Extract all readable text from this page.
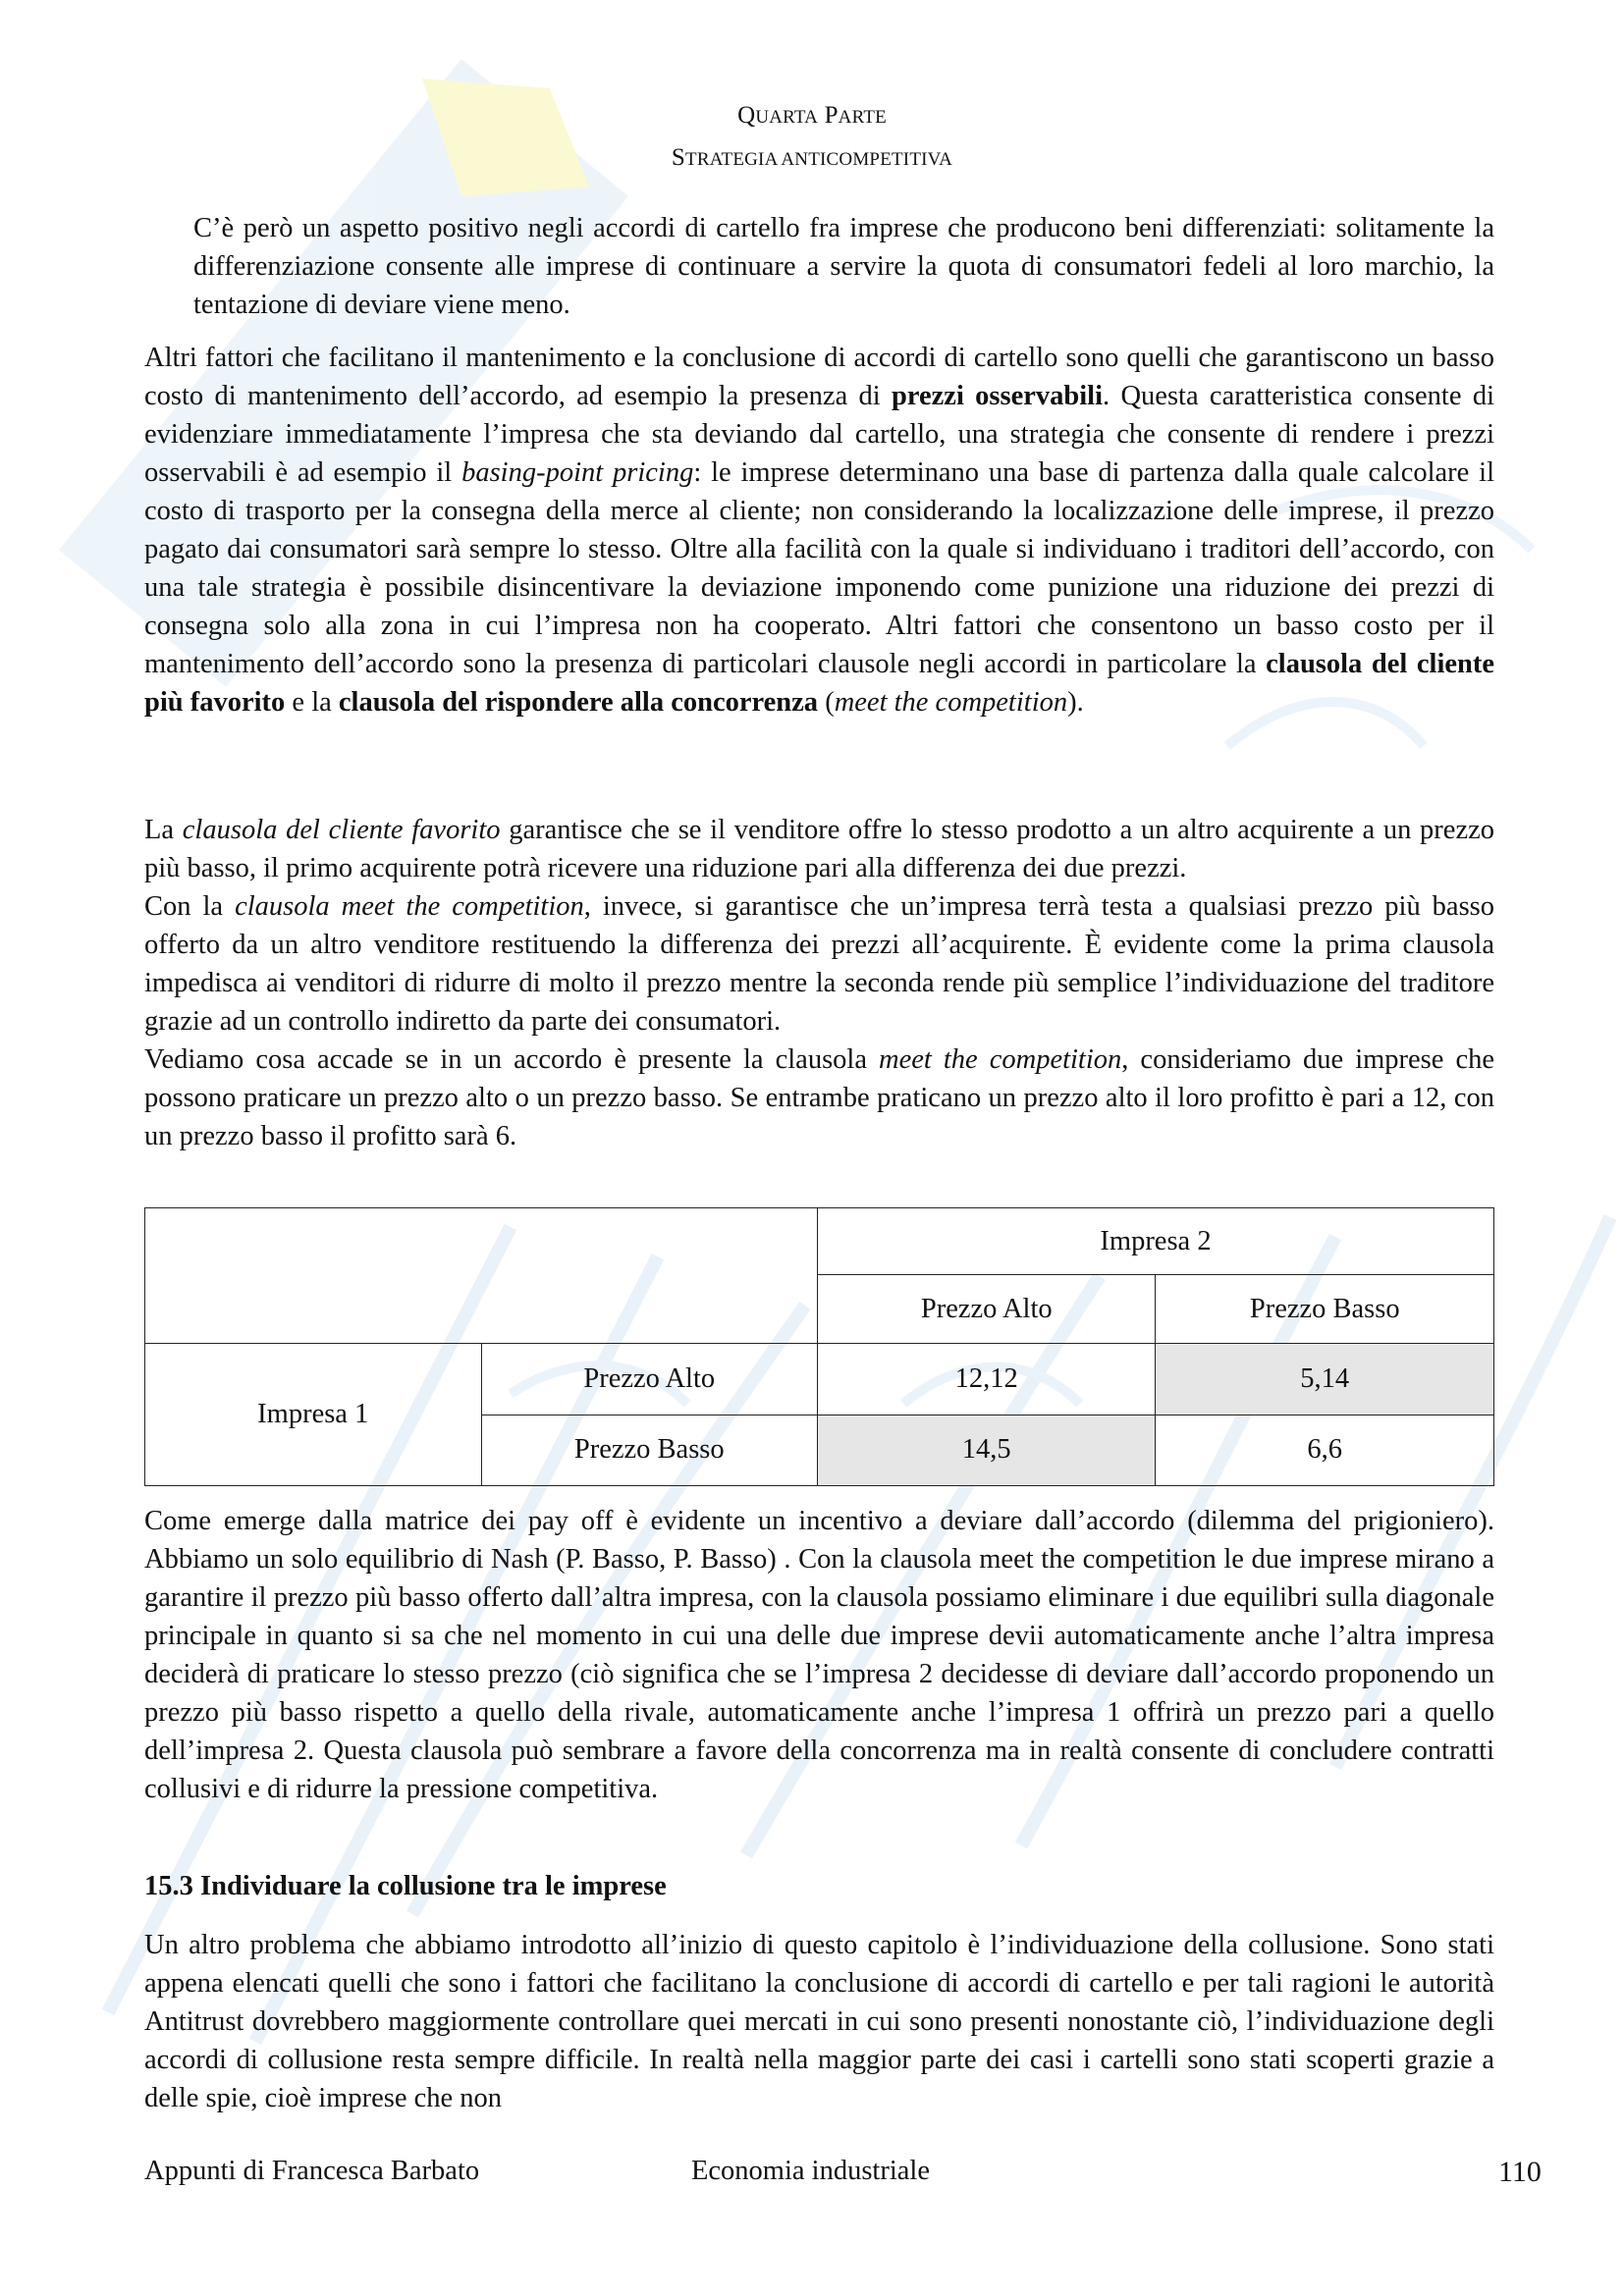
QUARTA PARTE
STRATEGIA ANTICOMPETITIVA

C’è però un aspetto positivo negli accordi di cartello fra imprese che producono beni differenziati: solitamente la differenziazione consente alle imprese di continuare a servire la quota di consumatori fedeli al loro marchio, la tentazione di deviare viene meno.

Altri fattori che facilitano il mantenimento e la conclusione di accordi di cartello sono quelli che garantiscono un basso costo di mantenimento dell’accordo, ad esempio la presenza di prezzi osservabili. Questa caratteristica consente di evidenziare immediatamente l’impresa che sta deviando dal cartello, una strategia che consente di rendere i prezzi osservabili è ad esempio il basing-point pricing: le imprese determinano una base di partenza dalla quale calcolare il costo di trasporto per la consegna della merce al cliente; non considerando la localizzazione delle imprese, il prezzo pagato dai consumatori sarà sempre lo stesso. Oltre alla facilità con la quale si individuano i traditori dell’accordo, con una tale strategia è possibile disincentivare la deviazione imponendo come punizione una riduzione dei prezzi di consegna solo alla zona in cui l’impresa non ha cooperato. Altri fattori che consentono un basso costo per il mantenimento dell’accordo sono la presenza di particolari clausole negli accordi in particolare la clausola del cliente più favorito e la clausola del rispondere alla concorrenza (meet the competition).

La clausola del cliente favorito garantisce che se il venditore offre lo stesso prodotto a un altro acquirente a un prezzo più basso, il primo acquirente potrà ricevere una riduzione pari alla differenza dei due prezzi.

Con la clausola meet the competition, invece, si garantisce che un’impresa terrà testa a qualsiasi prezzo più basso offerto da un altro venditore restituendo la differenza dei prezzi all’acquirente. È evidente come la prima clausola impedisca ai venditori di ridurre di molto il prezzo mentre la seconda rende più semplice l’individuazione del traditore grazie ad un controllo indiretto da parte dei consumatori.

Vediamo cosa accade se in un accordo è presente la clausola meet the competition, consideriamo due imprese che possono praticare un prezzo alto o un prezzo basso. Se entrambe praticano un prezzo alto il loro profitto è pari a 12, con un prezzo basso il profitto sarà 6.

		Impresa 2	
		Prezzo Alto	Prezzo Basso
Impresa 1	Prezzo Alto	12,12	5,14
	Prezzo Basso	14,5	6,6

Come emerge dalla matrice dei pay off è evidente un incentivo a deviare dall’accordo (dilemma del prigioniero). Abbiamo un solo equilibrio di Nash (P. Basso, P. Basso) . Con la clausola meet the competition le due imprese mirano a garantire il prezzo più basso offerto dall’altra impresa, con la clausola possiamo eliminare i due equilibri sulla diagonale principale in quanto si sa che nel momento in cui una delle due imprese devii automaticamente anche l’altra impresa deciderà di praticare lo stesso prezzo (ciò significa che se l’impresa 2 decidesse di deviare dall’accordo proponendo un prezzo più basso rispetto a quello della rivale, automaticamente anche l’impresa 1 offrirà un prezzo pari a quello dell’impresa 2. Questa clausola può sembrare a favore della concorrenza ma in realtà consente di concludere contratti collusivi e di ridurre la pressione competitiva.

15.3 Individuare la collusione tra le imprese

Un altro problema che abbiamo introdotto all’inizio di questo capitolo è l’individuazione della collusione. Sono stati appena elencati quelli che sono i fattori che facilitano la conclusione di accordi di cartello e per tali ragioni le autorità Antitrust dovrebbero maggiormente controllare quei mercati in cui sono presenti nonostante ciò, l’individuazione degli accordi di collusione resta sempre difficile. In realtà nella maggior parte dei casi i cartelli sono stati scoperti grazie a delle spie, cioè imprese che non

Appunti di Francesca Barbato	Economia industriale	110
